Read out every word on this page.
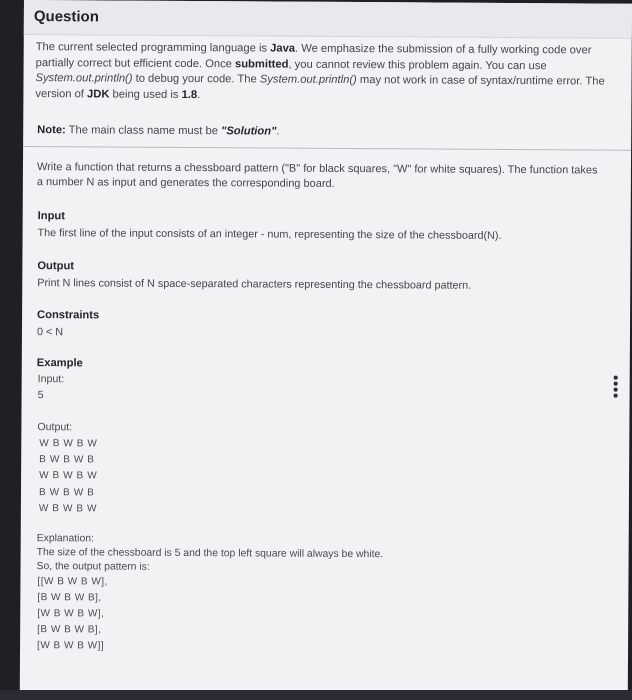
Question
The current selected programming language is Java. We emphasize the submission of a fully working code over partially correct but efficient code. Once submitted, you cannot review this problem again. You can use System.out.println() to debug your code. The System.out.println() may not work in case of syntax/runtime error. The version of JDK being used is 1.8.
Note: The main class name must be "Solution".
Write a function that returns a chessboard pattern ("B" for black squares, "W" for white squares). The function takes a number N as input and generates the corresponding board.
Input
The first line of the input consists of an integer - num, representing the size of the chessboard(N).
Output
Print N lines consist of N space-separated characters representing the chessboard pattern.
Constraints
0 < N
Example
Input:
5
Output:
W B W B W
B W B W B
W B W B W
B W B W B
W B W B W
Explanation:
The size of the chessboard is 5 and the top left square will always be white.
So, the output pattern is:
[[W B W B W],
[B W B W B],
[W B W B W],
[B W B W B],
[W B W B W]]
